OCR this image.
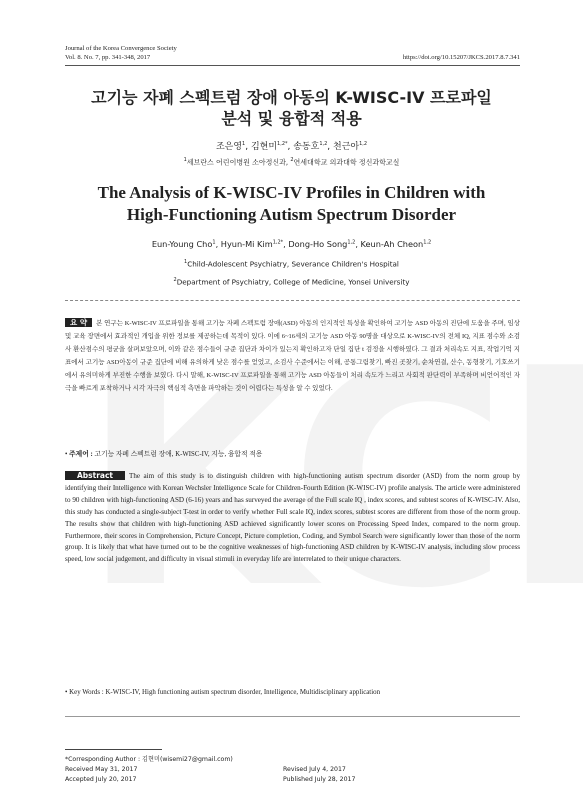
Journal of the Korea Convergence Society
Vol. 8. No. 7, pp. 341-348, 2017	https://doi.org/10.15207/JKCS.2017.8.7.341
고기능 자폐 스펙트럼 장애 아동의 K-WISC-IV 프로파일
분석 및 융합적 적용
조은영$^1$, 김현미$^{1,2*}$, 송동호$^{1,2}$, 천근아$^{1,2}$
$^1$세브란스 어린이병원 소아정신과, $^2$연세대학교 의과대학 정신과학교실
The Analysis of K-WISC-IV Profiles in Children with
High-Functioning Autism Spectrum Disorder
Eun-Young Cho$^1$, Hyun-Mi Kim$^{1,2*}$, Dong-Ho Song$^{1,2}$, Keun-Ah Cheon$^{1,2}$
$^1$Child-Adolescent Psychiatry, Severance Children's Hospital
$^2$Department of Psychiatry, College of Medicine, Yonsei University
요 약 본 연구는 K-WISC-IV 프로파일을 통해 고기능 자폐 스펙트럼 장애(ASD) 아동의 인지적인 특성을 확인하여 고기능 ASD 아동의 진단에 도움을 주며, 임상 및 교육 장면에서 효과적인 개입을 위한 정보를 제공하는데 목적이 있다. 이에 6~16세의 고기능 ASD 아동 90명을 대상으로 K-WISC-IV의 전체 IQ, 지표 점수와 소검사 환산점수의 평균을 살펴보았으며, 이와 같은 점수들이 규준 집단과 차이가 있는지 확인하고자 단일 집단 t 검정을 시행하였다. 그 결과 처리속도 지표, 작업기억 지표에서 고기능 ASD아동이 규준 집단에 비해 유의하게 낮은 점수를 얻었고, 소검사 수준에서는 이해, 공통그림찾기, 빠진 곳찾기, 순차연결, 산수, 동형찾기, 기호쓰기에서 유의미하게 부진한 수행을 보였다. 다시 말해, K-WISC-IV 프로파일을 통해 고기능 ASD 아동들이 처리 속도가 느리고 사회적 판단력이 부족하며 비언어적인 자극을 빠르게 포착하거나 시각 자극의 핵심적 측면을 파악하는 것이 어렵다는 특성을 알 수 있었다.
• 주제어 : 고기능 자폐 스펙트럼 장애, K-WISC-IV, 지능, 융합적 적용
Abstract The aim of this study is to distinguish children with high-functioning autism spectrum disorder (ASD) from the norm group by identifying their Intelligence with Korean Wechsler Intelligence Scale for Children-Fourth Edition (K-WISC-IV) profile analysis. The article were administered to 90 children with high-functioning ASD (6-16) years and has surveyed the average of the Full scale IQ , index scores, and subtest scores of K-WISC-IV. Also, this study has conducted a single-subject T-test in order to verify whether Full scale IQ, index scores, subtest scores are different from those of the norm group. The results show that children with high-functioning ASD achieved significantly lower scores on Processing Speed Index, compared to the norm group. Furthermore, their scores in Comprehension, Picture Concept, Picture completion, Coding, and Symbol Search were significantly lower than those of the norm group. It is likely that what have turned out to be the cognitive weaknesses of high-functioning ASD children by K-WISC-IV analysis, including slow process speed, low social judgement, and difficulty in visual stimuli in everyday life are interrelated to their unique characters.
• Key Words : K-WISC-IV, High functioning autism spectrum disorder, Intelligence, Multidisciplinary application
*Corresponding Author : 김현미(wisemi27@gmail.com)
Received May 31, 2017	Revised July 4, 2017
Accepted July 20, 2017	Published July 28, 2017
